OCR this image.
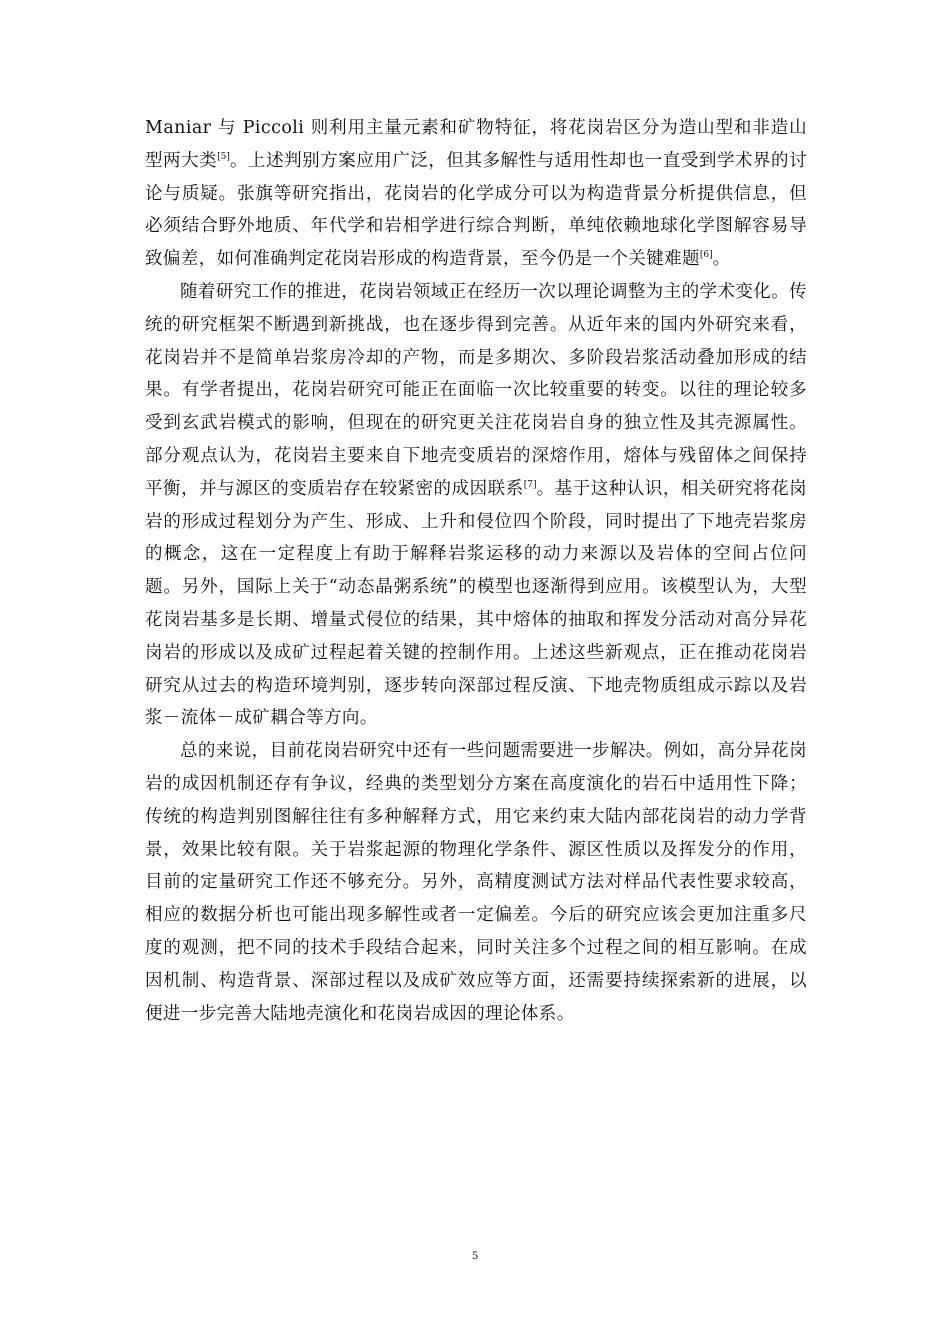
Maniar 与 Piccoli 则利用主量元素和矿物特征，将花岗岩区分为造山型和非造山型两大类[5]。上述判别方案应用广泛，但其多解性与适用性却也一直受到学术界的讨论与质疑。张旗等研究指出，花岗岩的化学成分可以为构造背景分析提供信息，但必须结合野外地质、年代学和岩相学进行综合判断，单纯依赖地球化学图解容易导致偏差，如何准确判定花岗岩形成的构造背景，至今仍是一个关键难题[6]。

随着研究工作的推进，花岗岩领域正在经历一次以理论调整为主的学术变化。传统的研究框架不断遇到新挑战，也在逐步得到完善。从近年来的国内外研究来看，花岗岩并不是简单岩浆房冷却的产物，而是多期次、多阶段岩浆活动叠加形成的结果。有学者提出，花岗岩研究可能正在面临一次比较重要的转变。以往的理论较多受到玄武岩模式的影响，但现在的研究更关注花岗岩自身的独立性及其壳源属性。部分观点认为，花岗岩主要来自下地壳变质岩的深熔作用，熔体与残留体之间保持平衡，并与源区的变质岩存在较紧密的成因联系[7]。基于这种认识，相关研究将花岗岩的形成过程划分为产生、形成、上升和侵位四个阶段，同时提出了下地壳岩浆房的概念，这在一定程度上有助于解释岩浆运移的动力来源以及岩体的空间占位问题。另外，国际上关于“动态晶粥系统”的模型也逐渐得到应用。该模型认为，大型花岗岩基多是长期、增量式侵位的结果，其中熔体的抽取和挥发分活动对高分异花岗岩的形成以及成矿过程起着关键的控制作用。上述这些新观点，正在推动花岗岩研究从过去的构造环境判别，逐步转向深部过程反演、下地壳物质组成示踪以及岩浆－流体－成矿耦合等方向。

总的来说，目前花岗岩研究中还有一些问题需要进一步解决。例如，高分异花岗岩的成因机制还存有争议，经典的类型划分方案在高度演化的岩石中适用性下降；传统的构造判别图解往往有多种解释方式，用它来约束大陆内部花岗岩的动力学背景，效果比较有限。关于岩浆起源的物理化学条件、源区性质以及挥发分的作用，目前的定量研究工作还不够充分。另外，高精度测试方法对样品代表性要求较高，相应的数据分析也可能出现多解性或者一定偏差。今后的研究应该会更加注重多尺度的观测，把不同的技术手段结合起来，同时关注多个过程之间的相互影响。在成因机制、构造背景、深部过程以及成矿效应等方面，还需要持续探索新的进展，以便进一步完善大陆地壳演化和花岗岩成因的理论体系。

5
